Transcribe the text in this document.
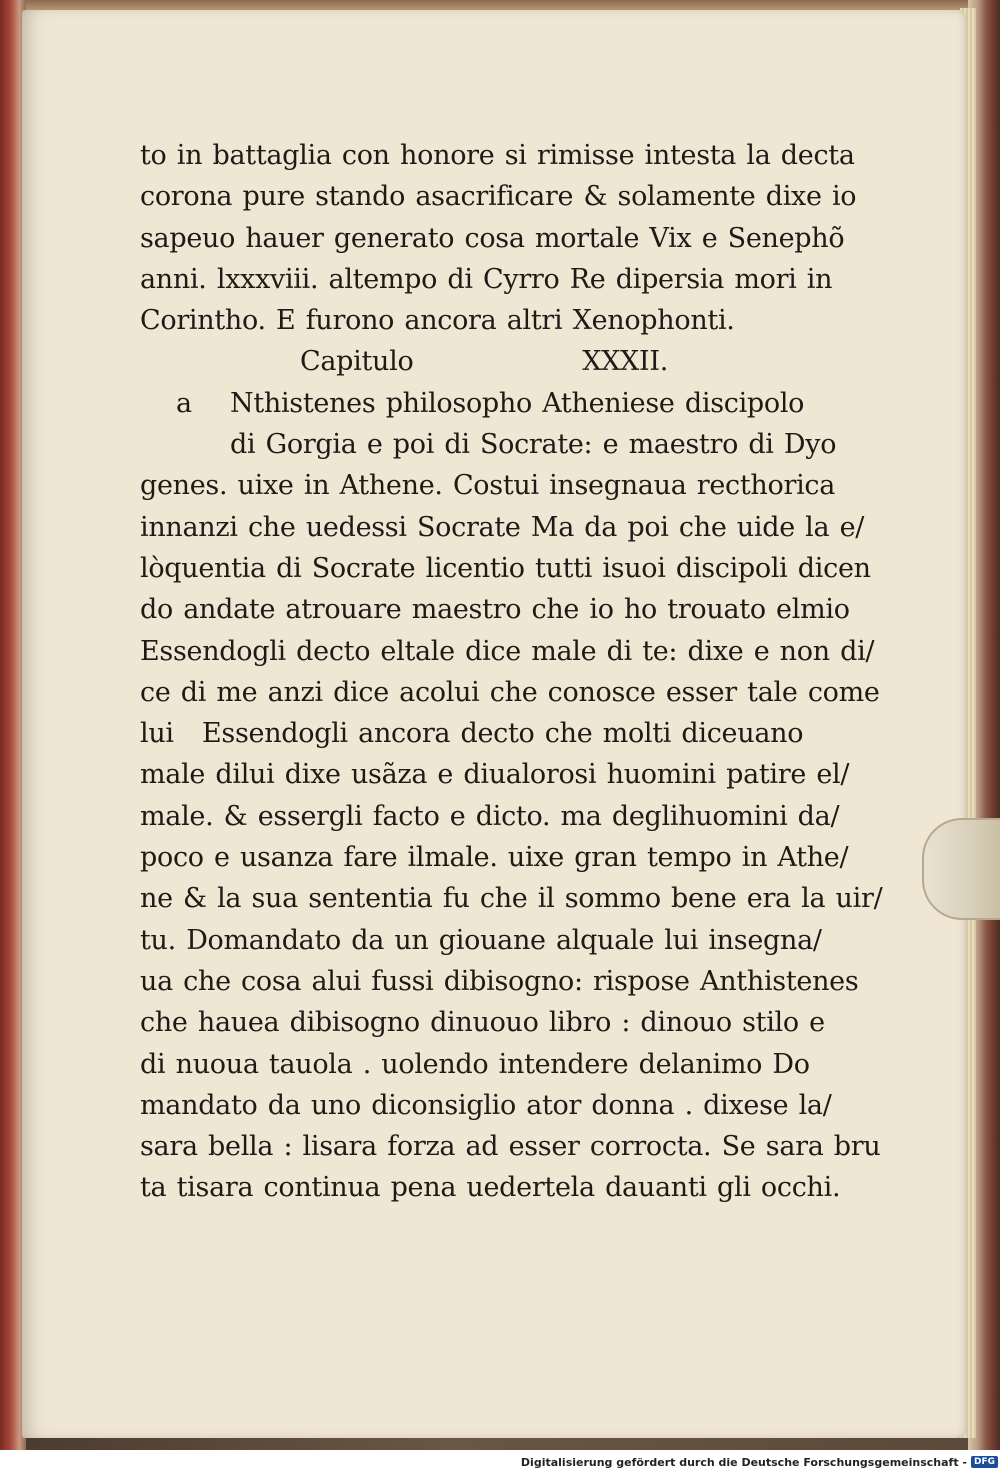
to in battaglia con honore si rimisse intesta la decta
corona pure stando asacrificare & solamente dixe io
sapeuo hauer generato cosa mortale Vix e Senephõ
anni. lxxxviii. altempo di Cyrro Re dipersia mori in
Corintho. E furono ancora altri Xenophonti.
Capitulo	XXXII.
a Nthistenes philosopho Atheniese discipolo
di Gorgia e poi di Socrate: e maestro di Dyo
genes. uixe in Athene. Costui insegnaua recthorica
innanzi che uedessi Socrate Ma da poi che uide la e/
lòquentia di Socrate licentio tutti isuoi discipoli dicen
do andate atrouare maestro che io ho trouato elmio
Essendogli decto eltale dice male di te: dixe e non di/
ce di me anzi dice acolui che conosce esser tale come
lui Essendogli ancora decto che molti diceuano
male dilui dixe usãza e diualorosi huomini patire el/
male. & essergli facto e dicto. ma deglihuomini da/
poco e usanza fare ilmale. uixe gran tempo in Athe/
ne & la sua sententia fu che il sommo bene era la uir/
tu. Domandato da un giouane alquale lui insegna/
ua che cosa alui fussi dibisogno: rispose Anthistenes
che hauea dibisogno dinuouo libro : dinouo stilo e
di nuoua tauola . uolendo intendere delanimo Do
mandato da uno diconsiglio ator donna . dixese la/
sara bella : lisara forza ad esser corrocta. Se sara bru
ta tisara continua pena uedertela dauanti gli occhi.
Digitalisierung gefördert durch die Deutsche Forschungsgemeinschaft - DFG
